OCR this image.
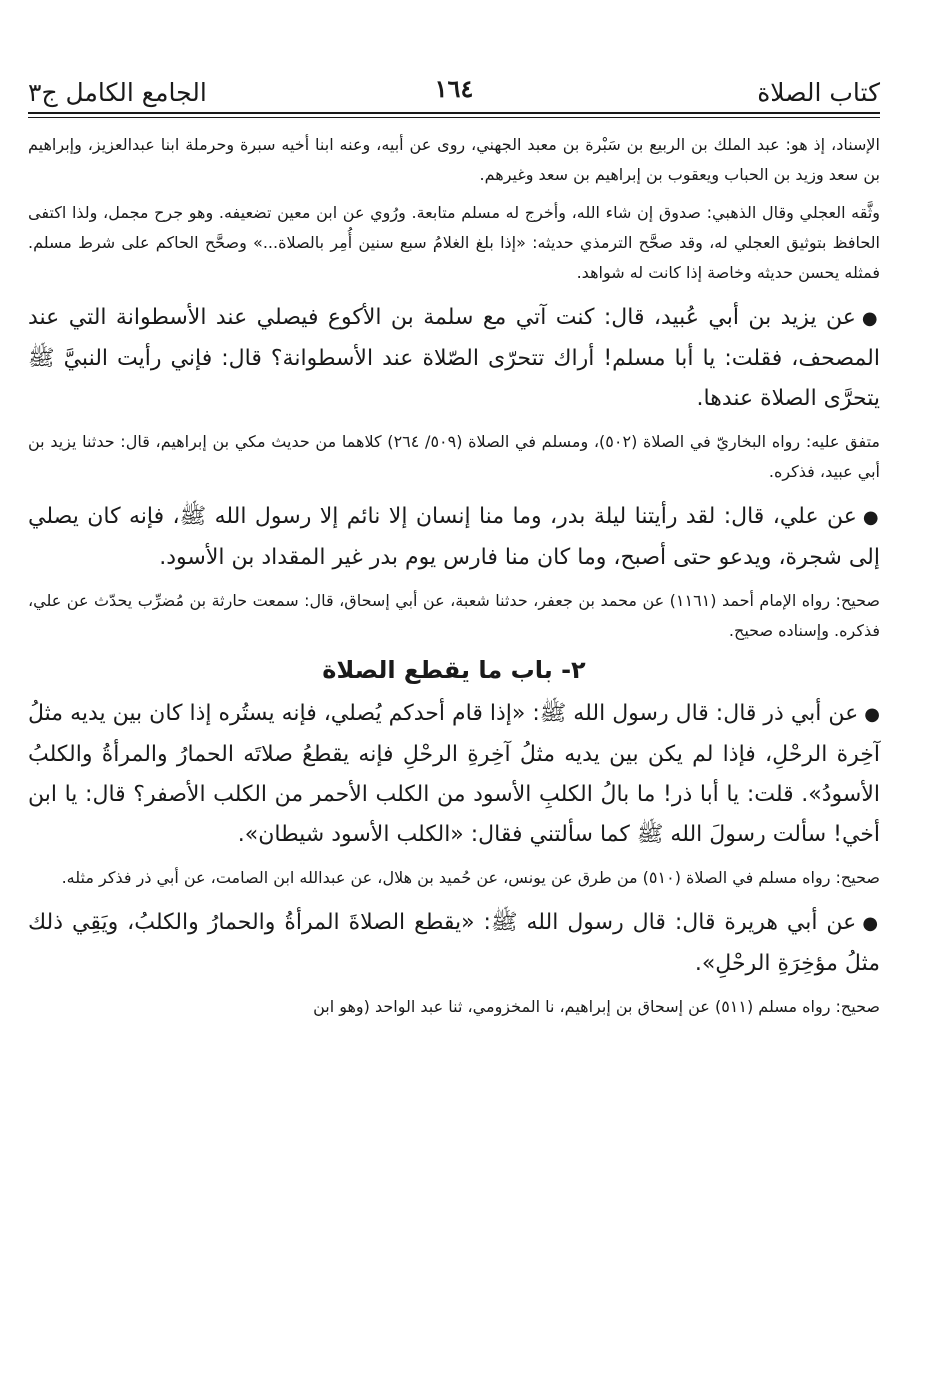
كتاب الصلاة
١٦٤
الجامع الكامل ج٣

الإسناد، إذ هو: عبد الملك بن الربيع بن سَبْرة بن معبد الجهني، روى عن أبيه، وعنه ابنا أخيه سبرة وحرملة ابنا عبدالعزيز، وإبراهيم بن سعد وزيد بن الحباب ويعقوب بن إبراهيم بن سعد وغيرهم.

وثَّقه العجلي وقال الذهبي: صدوق إن شاء الله، وأخرج له مسلم متابعة. ورُوي عن ابن معين تضعيفه. وهو جرح مجمل، ولذا اكتفى الحافظ بتوثيق العجلي له، وقد صحَّح الترمذي حديثه: «إذا بلغ الغلامُ سبع سنين أُمِر بالصلاة...» وصحَّح الحاكم على شرط مسلم. فمثله يحسن حديثه وخاصة إذا كانت له شواهد.

●عن يزيد بن أبي عُبيد، قال: كنت آتي مع سلمة بن الأكوع فيصلي عند الأسطوانة التي عند المصحف، فقلت: يا أبا مسلم! أراك تتحرّى الصّلاة عند الأسطوانة؟ قال: فإني رأيت النبيَّ ﷺ يتحرَّى الصلاة عندها.

متفق عليه: رواه البخاريّ في الصلاة (٥٠٢)، ومسلم في الصلاة (٥٠٩/ ٢٦٤) كلاهما من حديث مكي بن إبراهيم، قال: حدثنا يزيد بن أبي عبيد، فذكره.

●عن علي، قال: لقد رأيتنا ليلة بدر، وما منا إنسان إلا نائم إلا رسول الله ﷺ، فإنه كان يصلي إلى شجرة، ويدعو حتى أصبح، وما كان منا فارس يوم بدر غير المقداد بن الأسود.

صحيح: رواه الإمام أحمد (١١٦١) عن محمد بن جعفر، حدثنا شعبة، عن أبي إسحاق، قال: سمعت حارثة بن مُضرِّب يحدّث عن علي، فذكره. وإسناده صحيح.
٢- باب ما يقطع الصلاة

●عن أبي ذر قال: قال رسول الله ﷺ: «إذا قام أحدكم يُصلي، فإنه يستُره إذا كان بين يديه مثلُ آخِرة الرحْلِ، فإذا لم يكن بين يديه مثلُ آخِرةِ الرحْلِ فإنه يقطعُ صلاتَه الحمارُ والمرأةُ والكلبُ الأسودُ». قلت: يا أبا ذر! ما بالُ الكلبِ الأسود من الكلب الأحمر من الكلب الأصفر؟ قال: يا ابن أخي! سألت رسولَ الله ﷺ كما سألتني فقال: «الكلب الأسود شيطان».

صحيح: رواه مسلم في الصلاة (٥١٠) من طرق عن يونس، عن حُميد بن هلال، عن عبدالله ابن الصامت، عن أبي ذر فذكر مثله.

●عن أبي هريرة قال: قال رسول الله ﷺ: «يقطع الصلاةَ المرأةُ والحمارُ والكلبُ، ويَقِي ذلك مثلُ مؤخِرَةِ الرحْلِ».

صحيح: رواه مسلم (٥١١) عن إسحاق بن إبراهيم، نا المخزومي، ثنا عبد الواحد (وهو ابن
